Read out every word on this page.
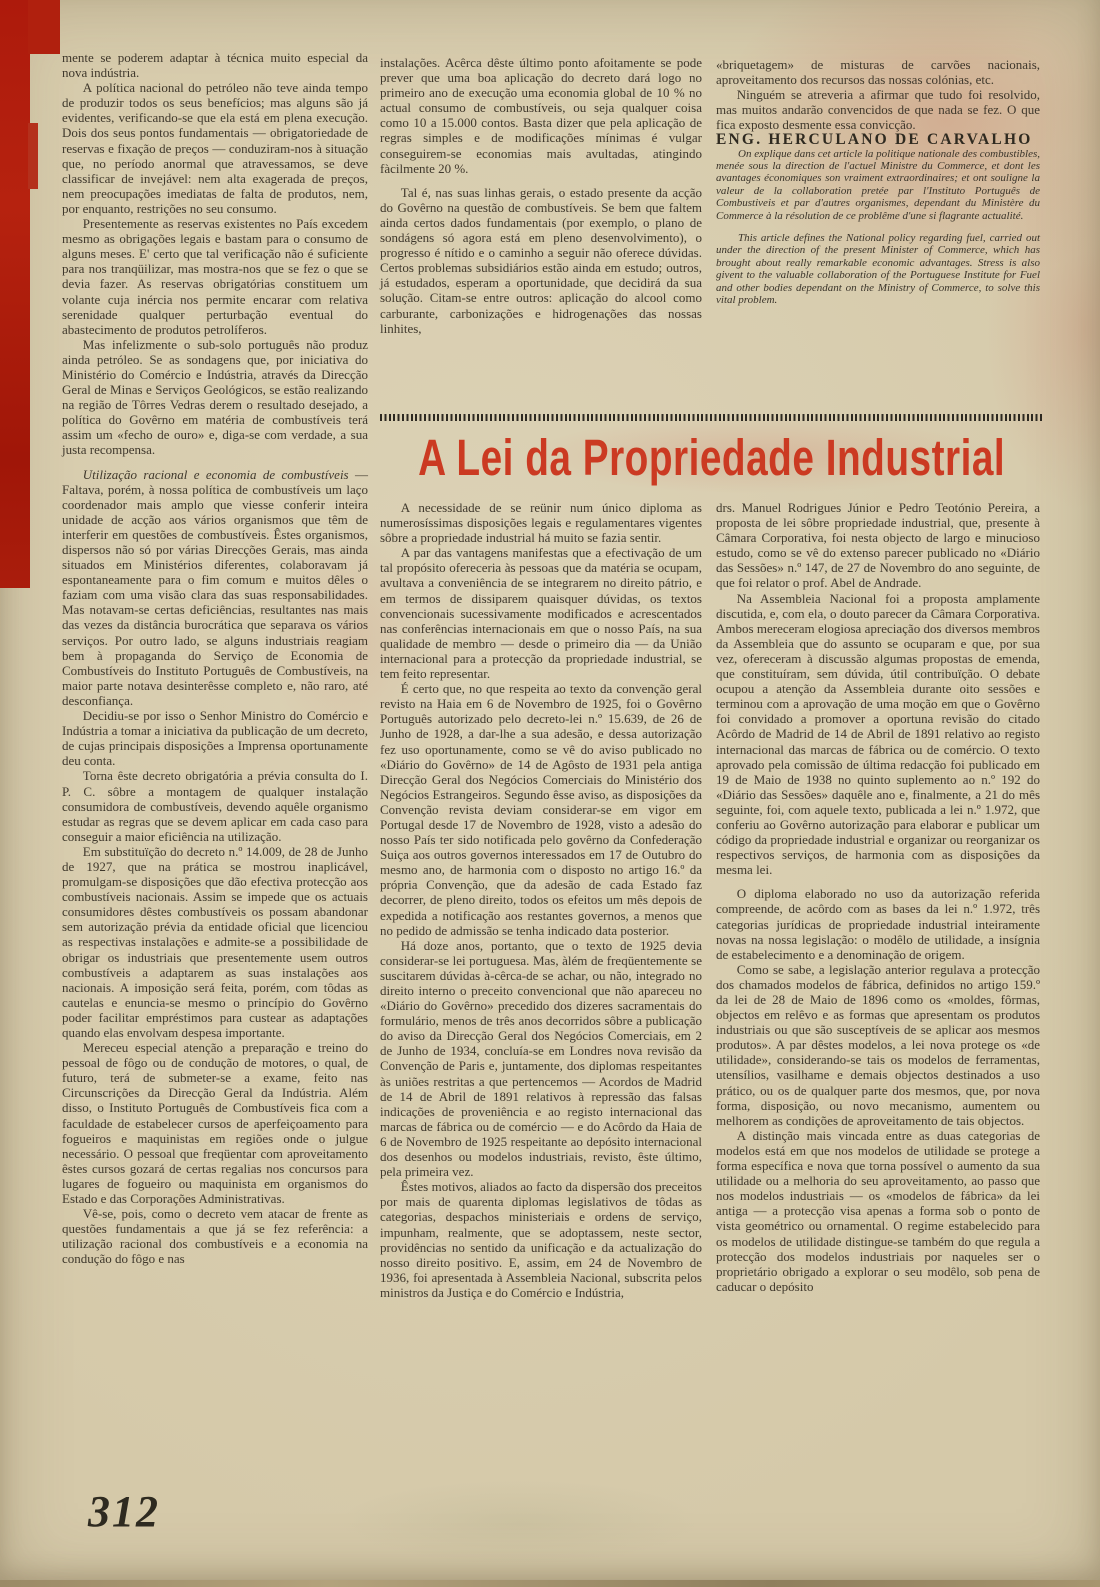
mente se poderem adaptar à técnica muito especial da nova indústria.

A política nacional do petróleo não teve ainda tempo de produzir todos os seus benefícios; mas alguns são já evidentes, verificando-se que ela está em plena execução. Dois dos seus pontos fundamentais — obrigatoriedade de reservas e fixação de preços — conduziram-nos à situação que, no período anormal que atravessamos, se deve classificar de invejável: nem alta exagerada de preços, nem preocupações imediatas de falta de produtos, nem, por enquanto, restrições no seu consumo.

Presentemente as reservas existentes no País excedem mesmo as obrigações legais e bastam para o consumo de alguns meses. E' certo que tal verificação não é suficiente para nos tranqüilizar, mas mostra-nos que se fez o que se devia fazer. As reservas obrigatórias constituem um volante cuja inércia nos permite encarar com relativa serenidade qualquer perturbação eventual do abastecimento de produtos petrolíferos.

Mas infelizmente o sub-solo português não produz ainda petróleo. Se as sondagens que, por iniciativa do Ministério do Comércio e Indústria, através da Direcção Geral de Minas e Serviços Geológicos, se estão realizando na região de Tôrres Vedras derem o resultado desejado, a política do Govêrno em matéria de combustíveis terá assim um «fecho de ouro» e, diga-se com verdade, a sua justa recompensa.

Utilização racional e economia de combustíveis — Faltava, porém, à nossa política de combustíveis um laço coordenador mais amplo que viesse conferir inteira unidade de acção aos vários organismos que têm de interferir em questões de combustíveis. Êstes organismos, dispersos não só por várias Direcções Gerais, mas ainda situados em Ministérios diferentes, colaboravam já espontaneamente para o fim comum e muitos dêles o faziam com uma visão clara das suas responsabilidades. Mas notavam-se certas deficiências, resultantes nas mais das vezes da distância burocrática que separava os vários serviços. Por outro lado, se alguns industriais reagiam bem à propaganda do Serviço de Economia de Combustíveis do Instituto Português de Combustíveis, na maior parte notava desinterêsse completo e, não raro, até desconfiança.

Decidiu-se por isso o Senhor Ministro do Comércio e Indústria a tomar a iniciativa da publicação de um decreto, de cujas principais disposições a Imprensa oportunamente deu conta.

Torna êste decreto obrigatória a prévia consulta do I. P. C. sôbre a montagem de qualquer instalação consumidora de combustíveis, devendo aquêle organismo estudar as regras que se devem aplicar em cada caso para conseguir a maior eficiência na utilização.

Em substituïção do decreto n.º 14.009, de 28 de Junho de 1927, que na prática se mostrou inaplicável, promulgam-se disposições que dão efectiva protecção aos combustíveis nacionais. Assim se impede que os actuais consumidores dêstes combustíveis os possam abandonar sem autorização prévia da entidade oficial que licenciou as respectivas instalações e admite-se a possibilidade de obrigar os industriais que presentemente usem outros combustíveis a adaptarem as suas instalações aos nacionais. A imposição será feita, porém, com tôdas as cautelas e enuncia-se mesmo o princípio do Govêrno poder facilitar empréstimos para custear as adaptações quando elas envolvam despesa importante.

Mereceu especial atenção a preparação e treino do pessoal de fôgo ou de condução de motores, o qual, de futuro, terá de submeter-se a exame, feito nas Circunscrições da Direcção Geral da Indústria. Além disso, o Instituto Português de Combustíveis fica com a faculdade de estabelecer cursos de aperfeiçoamento para fogueiros e maquinistas em regiões onde o julgue necessário. O pessoal que freqüentar com aproveitamento êstes cursos gozará de certas regalias nos concursos para lugares de fogueiro ou maquinista em organismos do Estado e das Corporações Administrativas.

Vê-se, pois, como o decreto vem atacar de frente as questões fundamentais a que já se fez referência: a utilização racional dos combustíveis e a economia na condução do fôgo e nas

instalações. Acêrca dêste último ponto afoitamente se pode prever que uma boa aplicação do decreto dará logo no primeiro ano de execução uma economia global de 10 % no actual consumo de combustíveis, ou seja qualquer coisa como 10 a 15.000 contos. Basta dizer que pela aplicação de regras simples e de modificações mínimas é vulgar conseguirem-se economias mais avultadas, atingindo fàcilmente 20 %.

Tal é, nas suas linhas gerais, o estado presente da acção do Govêrno na questão de combustíveis. Se bem que faltem ainda certos dados fundamentais (por exemplo, o plano de sondágens só agora está em pleno desenvolvimento), o progresso é nítido e o caminho a seguir não oferece dúvidas. Certos problemas subsidiários estão ainda em estudo; outros, já estudados, esperam a oportunidade, que decidirá da sua solução. Citam-se entre outros: aplicação do alcool como carburante, carbonizações e hidrogenações das nossas linhites,

«briquetagem» de misturas de carvões nacionais, aproveitamento dos recursos das nossas colónias, etc.

Ninguém se atreveria a afirmar que tudo foi resolvido, mas muitos andarão convencidos de que nada se fez. O que fica exposto desmente essa convicção.

ENG. HERCULANO DE CARVALHO

On explique dans cet article la politique nationale des combustibles, menée sous la direction de l'actuel Ministre du Commerce, et dont les avantages économiques son vraiment extraordinaires; et ont souligne la valeur de la collaboration pretée par l'Instituto Português de Combustiveis et par d'autres organismes, dependant du Ministère du Commerce à la résolution de ce problême d'une si flagrante actualité.

This article defines the National policy regarding fuel, carried out under the direction of the present Minister of Commerce, which has brought about really remarkable economic advantages. Stress is also givent to the valuable collaboration of the Portuguese Institute for Fuel and other bodies dependant on the Ministry of Commerce, to solve this vital problem.

A Lei da Propriedade Industrial

A necessidade de se reünir num único diploma as numerosíssimas disposições legais e regulamentares vigentes sôbre a propriedade industrial há muito se fazia sentir.

A par das vantagens manifestas que a efectivação de um tal propósito ofereceria às pessoas que da matéria se ocupam, avultava a conveniência de se integrarem no direito pátrio, e em termos de dissiparem quaisquer dúvidas, os textos convencionais sucessivamente modificados e acrescentados nas conferências internacionais em que o nosso País, na sua qualidade de membro — desde o primeiro dia — da União internacional para a protecção da propriedade industrial, se tem feito representar.

É certo que, no que respeita ao texto da convenção geral revisto na Haia em 6 de Novembro de 1925, foi o Govêrno Português autorizado pelo decreto-lei n.º 15.639, de 26 de Junho de 1928, a dar-lhe a sua adesão, e dessa autorização fez uso oportunamente, como se vê do aviso publicado no «Diário do Govêrno» de 14 de Agôsto de 1931 pela antiga Direcção Geral dos Negócios Comerciais do Ministério dos Negócios Estrangeiros. Segundo êsse aviso, as disposições da Convenção revista deviam considerar-se em vigor em Portugal desde 17 de Novembro de 1928, visto a adesão do nosso País ter sido notificada pelo govêrno da Confederação Suiça aos outros governos interessados em 17 de Outubro do mesmo ano, de harmonia com o disposto no artigo 16.º da própria Convenção, que da adesão de cada Estado faz decorrer, de pleno direito, todos os efeitos um mês depois de expedida a notificação aos restantes governos, a menos que no pedido de admissão se tenha indicado data posterior.

Há doze anos, portanto, que o texto de 1925 devia considerar-se lei portuguesa. Mas, àlém de freqüentemente se suscitarem dúvidas à-cêrca-de se achar, ou não, integrado no direito interno o preceito convencional que não apareceu no «Diário do Govêrno» precedido dos dizeres sacramentais do formulário, menos de três anos decorridos sôbre a publicação do aviso da Direcção Geral dos Negócios Comerciais, em 2 de Junho de 1934, concluía-se em Londres nova revisão da Convenção de Paris e, juntamente, dos diplomas respeitantes às uniões restritas a que pertencemos — Acordos de Madrid de 14 de Abril de 1891 relativos à repressão das falsas indicações de proveniência e ao registo internacional das marcas de fábrica ou de comércio — e do Acôrdo da Haia de 6 de Novembro de 1925 respeitante ao depósito internacional dos desenhos ou modelos industriais, revisto, êste último, pela primeira vez.

Êstes motivos, aliados ao facto da dispersão dos preceitos por mais de quarenta diplomas legislativos de tôdas as categorias, despachos ministeriais e ordens de serviço, impunham, realmente, que se adoptassem, neste sector, providências no sentido da unificação e da actualização do nosso direito positivo. E, assim, em 24 de Novembro de 1936, foi apresentada à Assembleia Nacional, subscrita pelos ministros da Justiça e do Comércio e Indústria,

drs. Manuel Rodrigues Júnior e Pedro Teotónio Pereira, a proposta de lei sôbre propriedade industrial, que, presente à Câmara Corporativa, foi nesta objecto de largo e minucioso estudo, como se vê do extenso parecer publicado no «Diário das Sessões» n.º 147, de 27 de Novembro do ano seguinte, de que foi relator o prof. Abel de Andrade.

Na Assembleia Nacional foi a proposta amplamente discutida, e, com ela, o douto parecer da Câmara Corporativa. Ambos mereceram elogiosa apreciação dos diversos membros da Assembleia que do assunto se ocuparam e que, por sua vez, ofereceram à discussão algumas propostas de emenda, que constituíram, sem dúvida, útil contribuïção. O debate ocupou a atenção da Assembleia durante oito sessões e terminou com a aprovação de uma moção em que o Govêrno foi convidado a promover a oportuna revisão do citado Acôrdo de Madrid de 14 de Abril de 1891 relativo ao registo internacional das marcas de fábrica ou de comércio. O texto aprovado pela comissão de última redacção foi publicado em 19 de Maio de 1938 no quinto suplemento ao n.º 192 do «Diário das Sessões» daquêle ano e, finalmente, a 21 do mês seguinte, foi, com aquele texto, publicada a lei n.º 1.972, que conferiu ao Govêrno autorização para elaborar e publicar um código da propriedade industrial e organizar ou reorganizar os respectivos serviços, de harmonia com as disposições da mesma lei.

O diploma elaborado no uso da autorização referida compreende, de acôrdo com as bases da lei n.º 1.972, três categorias jurídicas de propriedade industrial inteiramente novas na nossa legislação: o modêlo de utilidade, a insígnia de estabelecimento e a denominação de origem.

Como se sabe, a legislação anterior regulava a protecção dos chamados modelos de fábrica, definidos no artigo 159.º da lei de 28 de Maio de 1896 como os «moldes, fôrmas, objectos em relêvo e as formas que apresentam os produtos industriais ou que são susceptíveis de se aplicar aos mesmos produtos». A par dêstes modelos, a lei nova protege os «de utilidade», considerando-se tais os modelos de ferramentas, utensílios, vasilhame e demais objectos destinados a uso prático, ou os de qualquer parte dos mesmos, que, por nova forma, disposição, ou novo mecanismo, aumentem ou melhorem as condições de aproveitamento de tais objectos.

A distinção mais vincada entre as duas categorias de modelos está em que nos modelos de utilidade se protege a forma específica e nova que torna possível o aumento da sua utilidade ou a melhoria do seu aproveitamento, ao passo que nos modelos industriais — os «modelos de fábrica» da lei antiga — a protecção visa apenas a forma sob o ponto de vista geométrico ou ornamental. O regime estabelecido para os modelos de utilidade distingue-se também do que regula a protecção dos modelos industriais por naqueles ser o proprietário obrigado a explorar o seu modêlo, sob pena de caducar o depósito

312
